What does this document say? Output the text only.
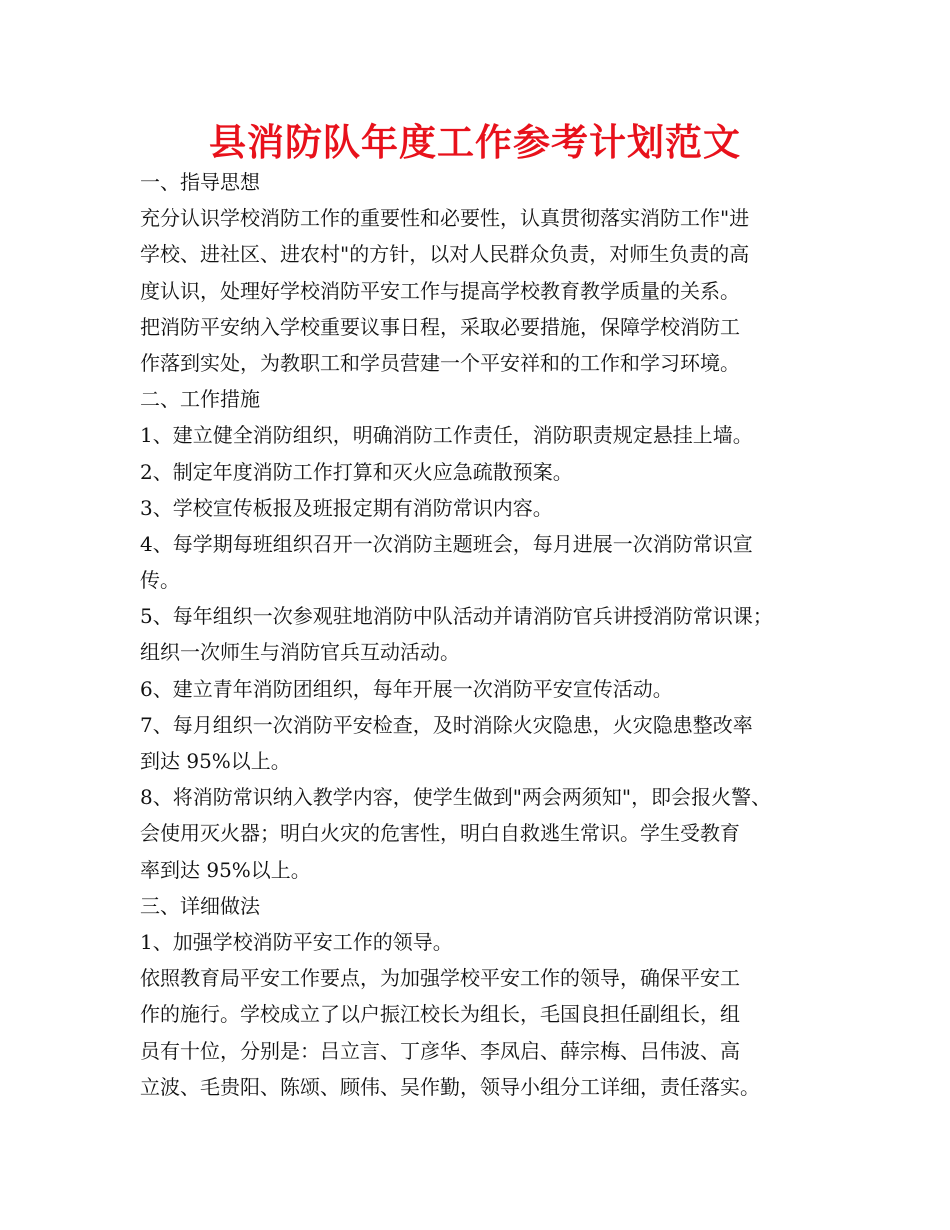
县消防队年度工作参考计划范文
一、指导思想
充分认识学校消防工作的重要性和必要性，认真贯彻落实消防工作"进
学校、进社区、进农村"的方针，以对人民群众负责，对师生负责的高
度认识，处理好学校消防平安工作与提高学校教育教学质量的关系。
把消防平安纳入学校重要议事日程，采取必要措施，保障学校消防工
作落到实处，为教职工和学员营建一个平安祥和的工作和学习环境。
二、工作措施
1、建立健全消防组织，明确消防工作责任，消防职责规定悬挂上墙。
2、制定年度消防工作打算和灭火应急疏散预案。
3、学校宣传板报及班报定期有消防常识内容。
4、每学期每班组织召开一次消防主题班会，每月进展一次消防常识宣
传。
5、每年组织一次参观驻地消防中队活动并请消防官兵讲授消防常识课；
组织一次师生与消防官兵互动活动。
6、建立青年消防团组织，每年开展一次消防平安宣传活动。
7、每月组织一次消防平安检查，及时消除火灾隐患，火灾隐患整改率
到达 95%以上。
8、将消防常识纳入教学内容，使学生做到"两会两须知"，即会报火警、
会使用灭火器；明白火灾的危害性，明白自救逃生常识。学生受教育
率到达 95%以上。
三、详细做法
1、加强学校消防平安工作的领导。
依照教育局平安工作要点，为加强学校平安工作的领导，确保平安工
作的施行。学校成立了以户振江校长为组长，毛国良担任副组长，组
员有十位，分别是：吕立言、丁彦华、李凤启、薛宗梅、吕伟波、高
立波、毛贵阳、陈颂、顾伟、吴作勤，领导小组分工详细，责任落实。
